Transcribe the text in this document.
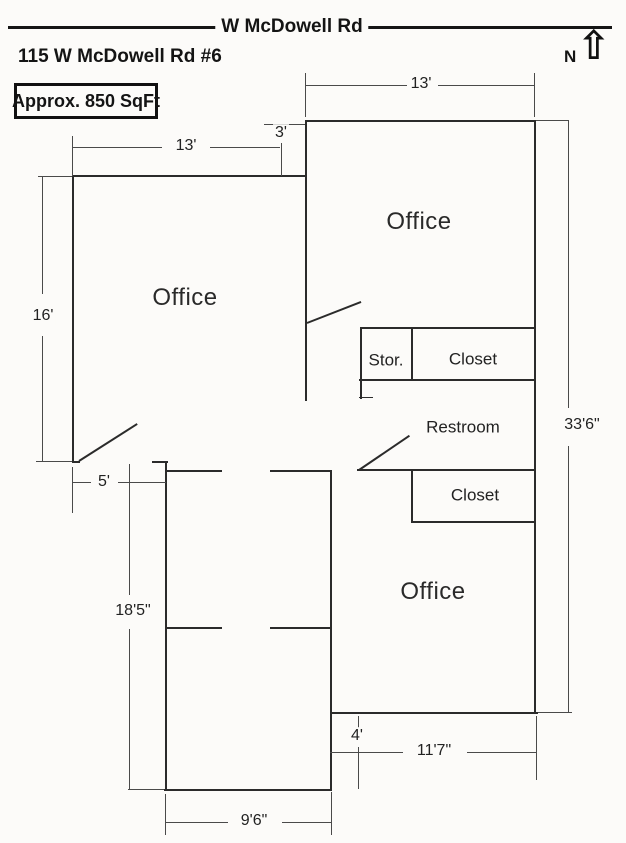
W McDowell Rd
115 W McDowell Rd #6
Approx. 850 SqFt
N ⇧
Office
Office
Office
Stor.	Closet
Restroom
Closet
13'
13'
3'
16'
5'
18'5"
33'6"
4'
11'7"
9'6"
